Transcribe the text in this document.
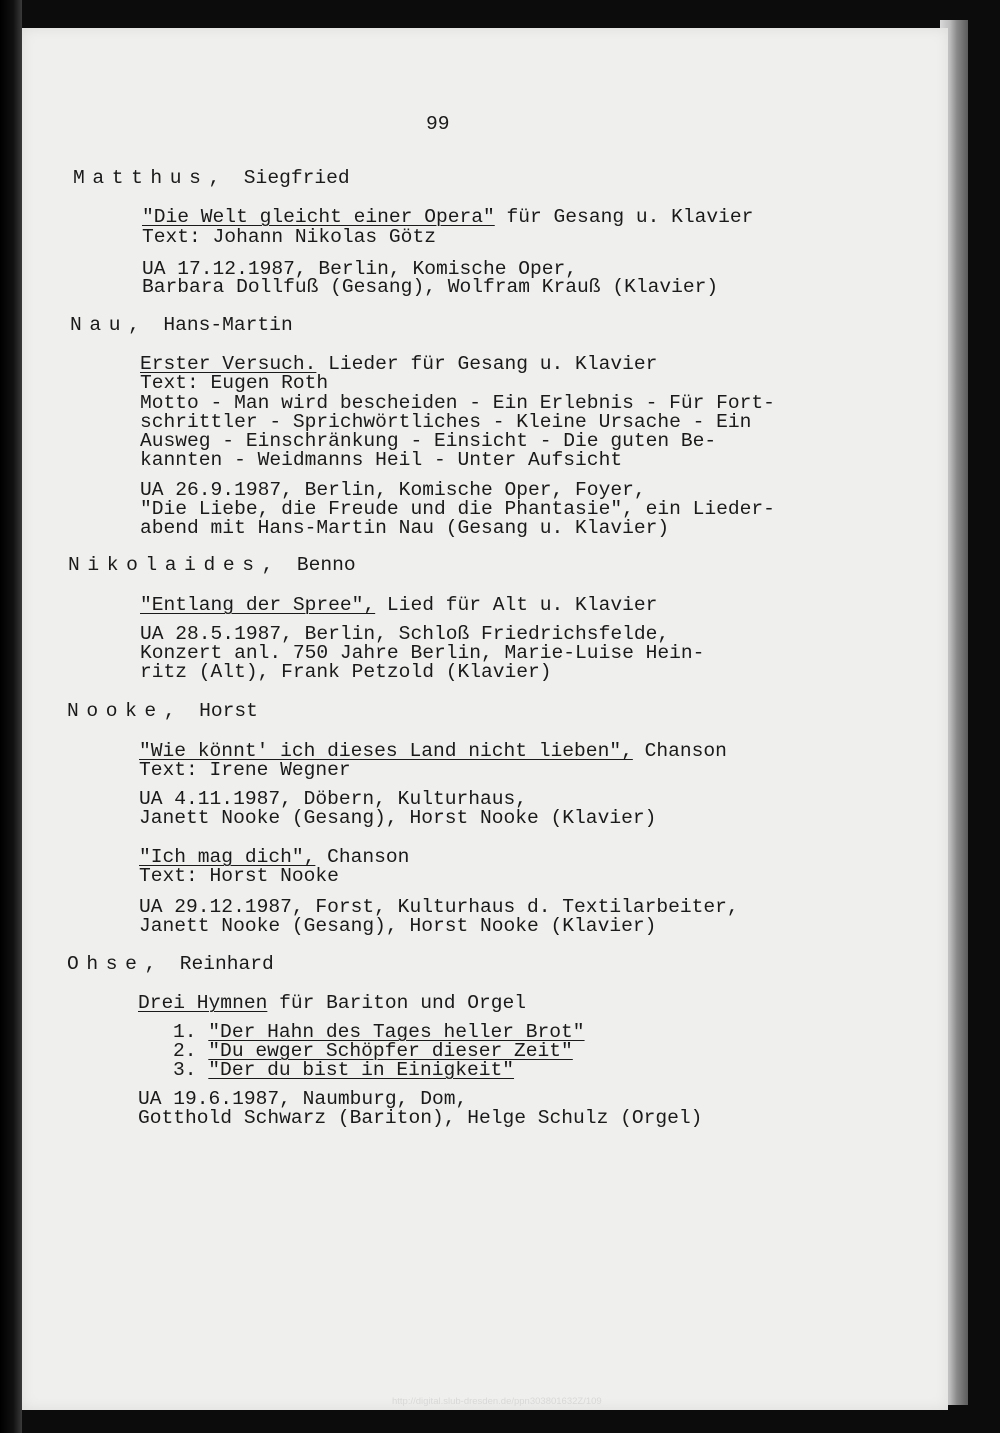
99
Matthus,  Siegfried
"Die Welt gleicht einer Opera" für Gesang u. Klavier
Text: Johann Nikolas Götz
UA 17.12.1987, Berlin, Komische Oper,
Barbara Dollfuß (Gesang), Wolfram Krauß (Klavier)
Nau,  Hans-Martin
Erster Versuch. Lieder für Gesang u. Klavier
Text: Eugen Roth
Motto - Man wird bescheiden - Ein Erlebnis - Für Fort-
schrittler - Sprichwörtliches - Kleine Ursache - Ein
Ausweg - Einschränkung - Einsicht - Die guten Be-
kannten - Weidmanns Heil - Unter Aufsicht
UA 26.9.1987, Berlin, Komische Oper, Foyer,
"Die Liebe, die Freude und die Phantasie", ein Lieder-
abend mit Hans-Martin Nau (Gesang u. Klavier)
Nikolaides,  Benno
"Entlang der Spree", Lied für Alt u. Klavier
UA 28.5.1987, Berlin, Schloß Friedrichsfelde,
Konzert anl. 750 Jahre Berlin, Marie-Luise Hein-
ritz (Alt), Frank Petzold (Klavier)
Nooke,  Horst
"Wie könnt' ich dieses Land nicht lieben", Chanson
Text: Irene Wegner
UA 4.11.1987, Döbern, Kulturhaus,
Janett Nooke (Gesang), Horst Nooke (Klavier)
"Ich mag dich", Chanson
Text: Horst Nooke
UA 29.12.1987, Forst, Kulturhaus d. Textilarbeiter,
Janett Nooke (Gesang), Horst Nooke (Klavier)
Ohse,  Reinhard
Drei Hymnen für Bariton und Orgel
1. "Der Hahn des Tages heller Brot"
2. "Du ewger Schöpfer dieser Zeit"
3. "Der du bist in Einigkeit"
UA 19.6.1987, Naumburg, Dom,
Gotthold Schwarz (Bariton), Helge Schulz (Orgel)
http://digital.slub-dresden.de/ppn303801632Z/109
